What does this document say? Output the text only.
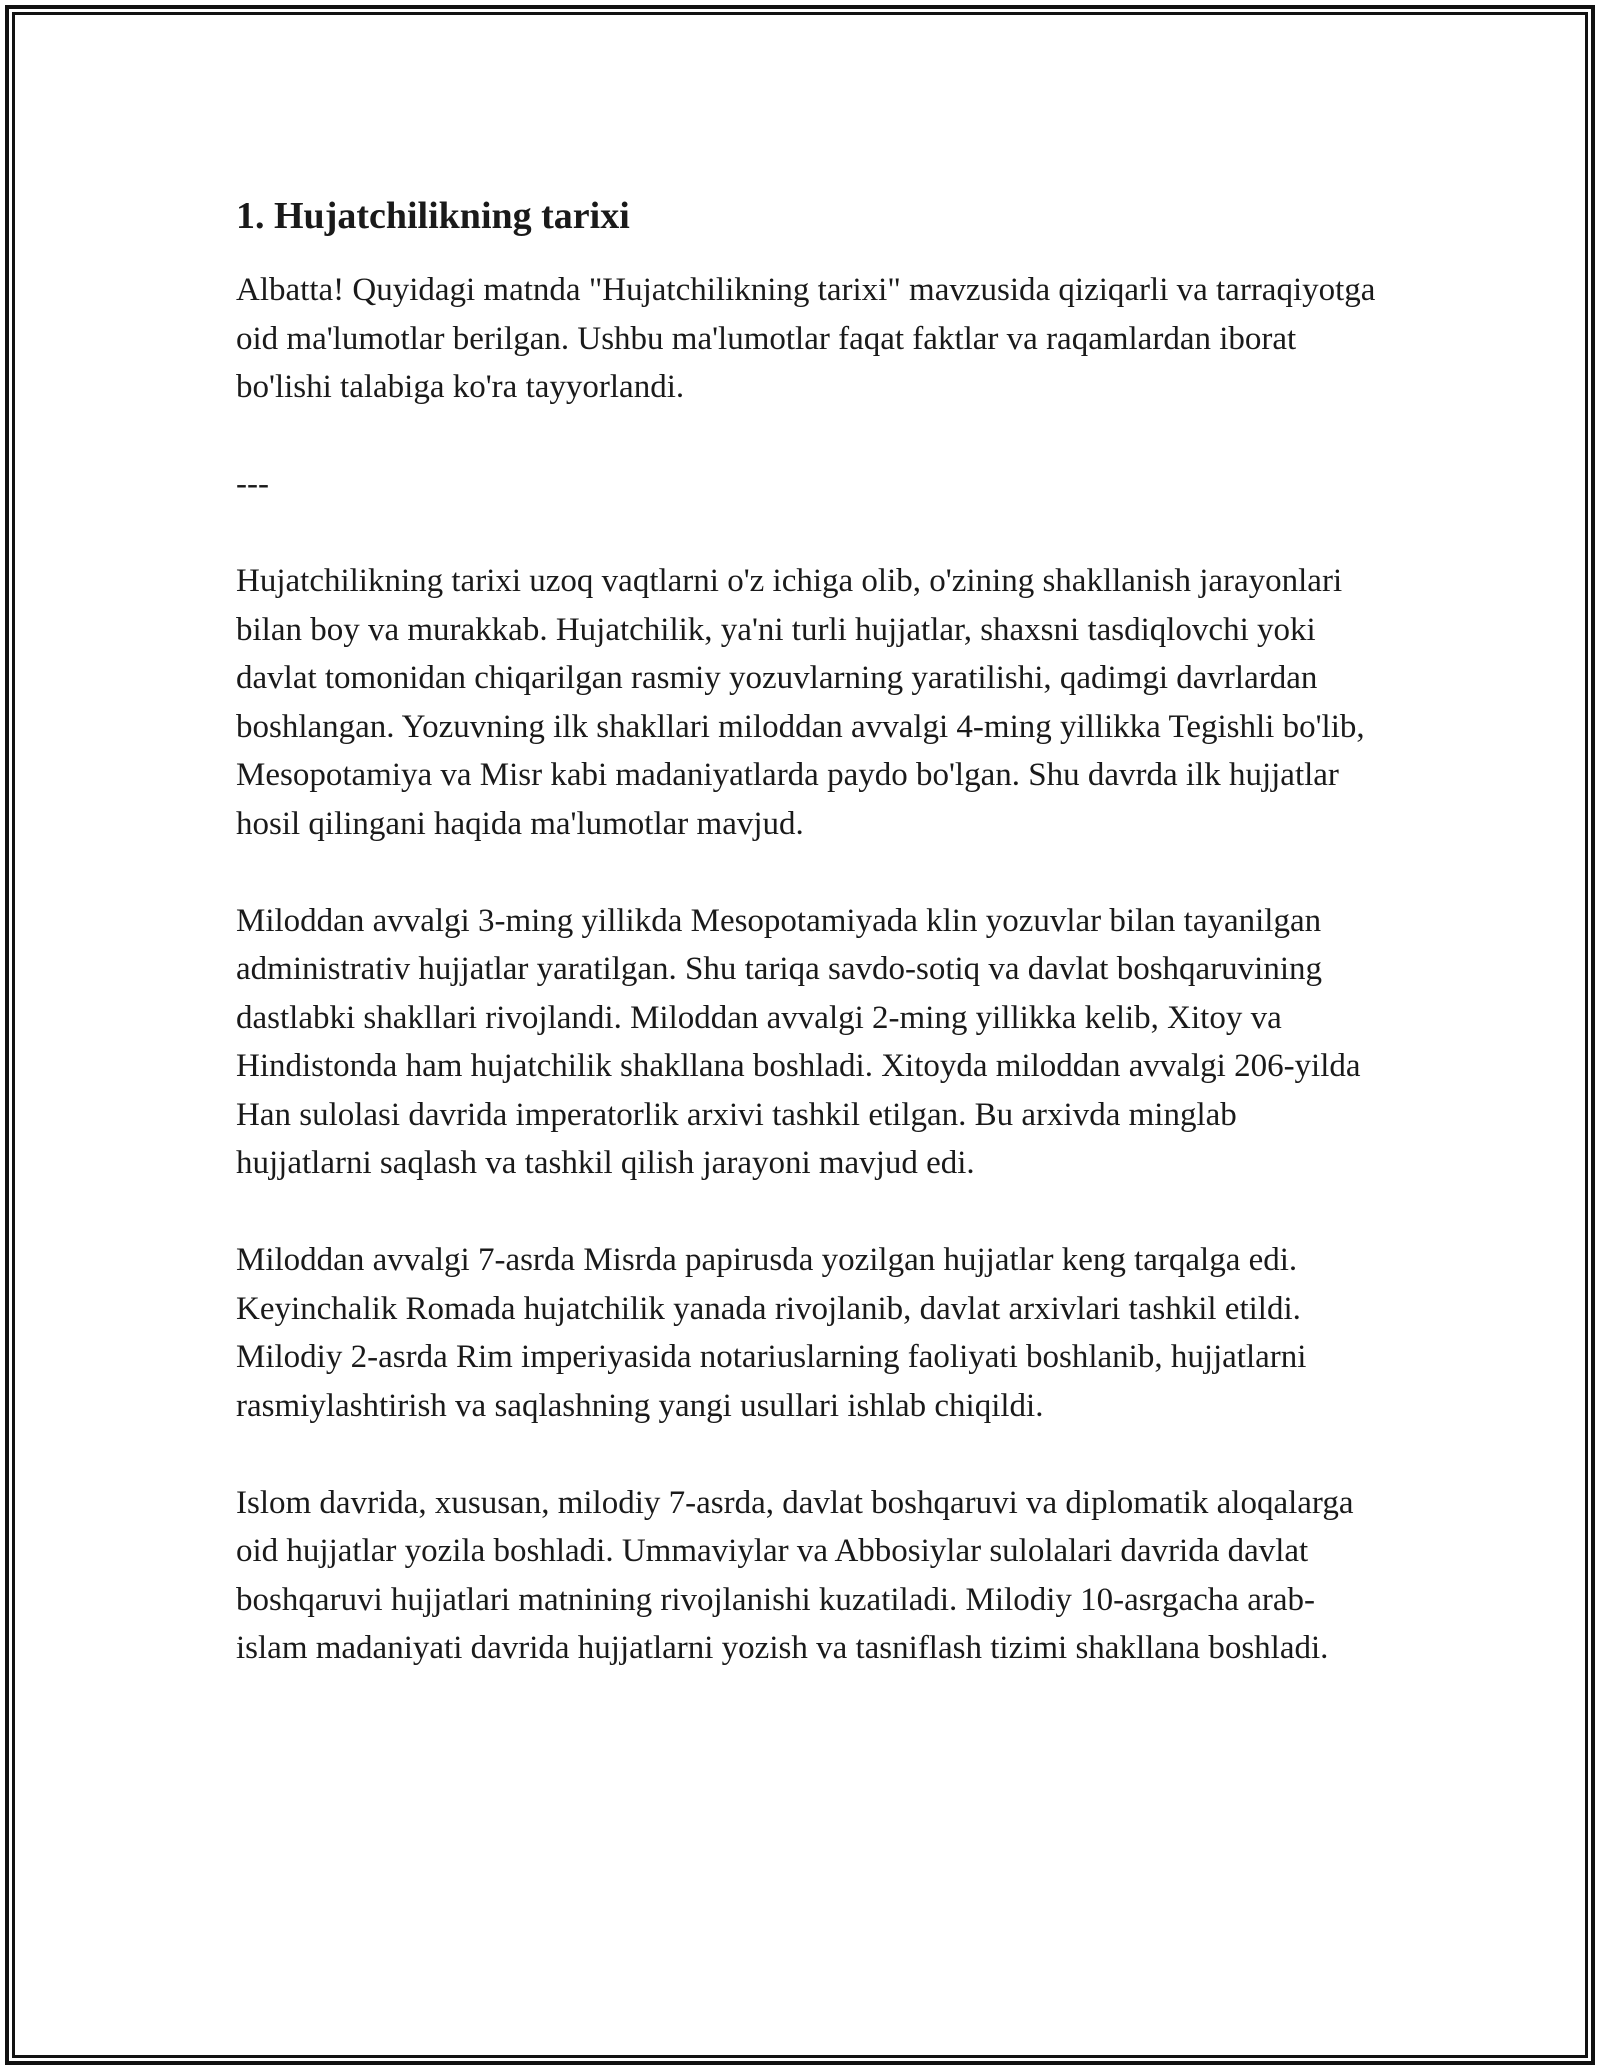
1. Hujatchilikning tarixi

Albatta! Quyidagi matnda "Hujatchilikning tarixi" mavzusida qiziqarli va tarraqiyotga oid ma'lumotlar berilgan. Ushbu ma'lumotlar faqat faktlar va raqamlardan iborat bo'lishi talabiga ko'ra tayyorlandi.

---

Hujatchilikning tarixi uzoq vaqtlarni o'z ichiga olib, o'zining shakllanish jarayonlari bilan boy va murakkab. Hujatchilik, ya'ni turli hujjatlar, shaxsni tasdiqlovchi yoki davlat tomonidan chiqarilgan rasmiy yozuvlarning yaratilishi, qadimgi davrlardan boshlangan. Yozuvning ilk shakllari miloddan avvalgi 4-ming yillikka Tegishli bo'lib, Mesopotamiya va Misr kabi madaniyatlarda paydo bo'lgan. Shu davrda ilk hujjatlar hosil qilingani haqida ma'lumotlar mavjud.

Miloddan avvalgi 3-ming yillikda Mesopotamiyada klin yozuvlar bilan tayanilgan administrativ hujjatlar yaratilgan. Shu tariqa savdo-sotiq va davlat boshqaruvining dastlabki shakllari rivojlandi. Miloddan avvalgi 2-ming yillikka kelib, Xitoy va Hindistonda ham hujatchilik shakllana boshladi. Xitoyda miloddan avvalgi 206-yilda Han sulolasi davrida imperatorlik arxivi tashkil etilgan. Bu arxivda minglab hujjatlarni saqlash va tashkil qilish jarayoni mavjud edi.

Miloddan avvalgi 7-asrda Misrda papirusda yozilgan hujjatlar keng tarqalga edi. Keyinchalik Romada hujatchilik yanada rivojlanib, davlat arxivlari tashkil etildi. Milodiy 2-asrda Rim imperiyasida notariuslarning faoliyati boshlanib, hujjatlarni rasmiylashtirish va saqlashning yangi usullari ishlab chiqildi.

Islom davrida, xususan, milodiy 7-asrda, davlat boshqaruvi va diplomatik aloqalarga oid hujjatlar yozila boshladi. Ummaviylar va Abbosiylar sulolalari davrida davlat boshqaruvi hujjatlari matnining rivojlanishi kuzatiladi. Milodiy 10-asrgacha arab-islam madaniyati davrida hujjatlarni yozish va tasniflash tizimi shakllana boshladi.
